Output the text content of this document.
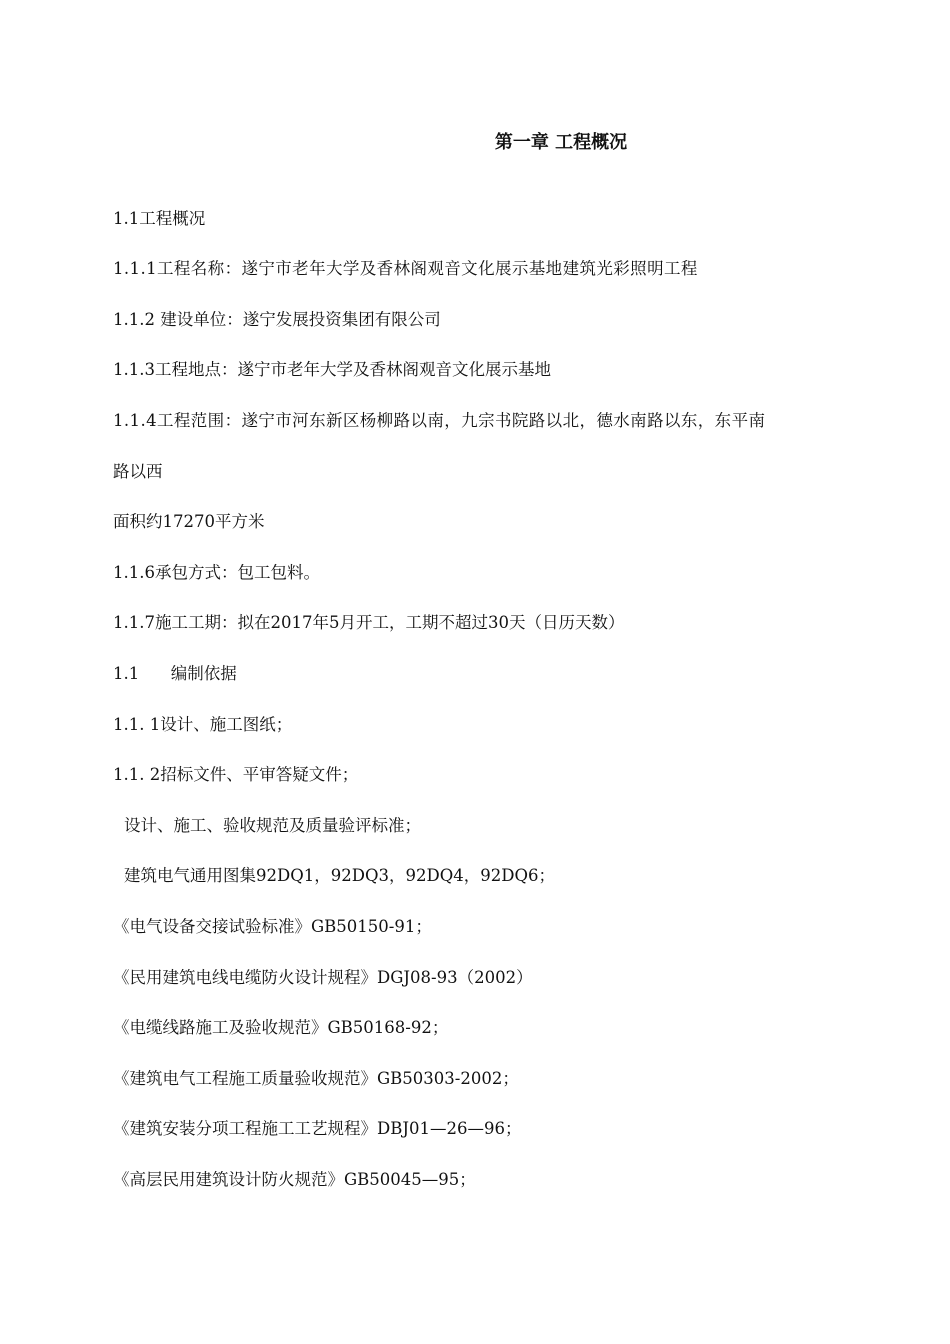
第一章 工程概况
1.1工程概况
1.1.1工程名称：遂宁市老年大学及香林阁观音文化展示基地建筑光彩照明工程
1.1.2 建设单位：遂宁发展投资集团有限公司
1.1.3工程地点：遂宁市老年大学及香林阁观音文化展示基地
1.1.4工程范围：遂宁市河东新区杨柳路以南，九宗书院路以北，德水南路以东，东平南
路以西
面积约17270平方米
1.1.6承包方式：包工包料。
1.1.7施工工期：拟在2017年5月开工，工期不超过30天（日历天数）
1.1      编制依据
1.1. 1设计、施工图纸；
1.1. 2招标文件、平审答疑文件；
设计、施工、验收规范及质量验评标准；
建筑电气通用图集92DQ1，92DQ3，92DQ4，92DQ6；
《电气设备交接试验标准》GB50150-91；
《民用建筑电线电缆防火设计规程》DGJ08-93（2002）
《电缆线路施工及验收规范》GB50168-92；
《建筑电气工程施工质量验收规范》GB50303-2002；
《建筑安装分项工程施工工艺规程》DBJ01—26—96；
《高层民用建筑设计防火规范》GB50045—95；
